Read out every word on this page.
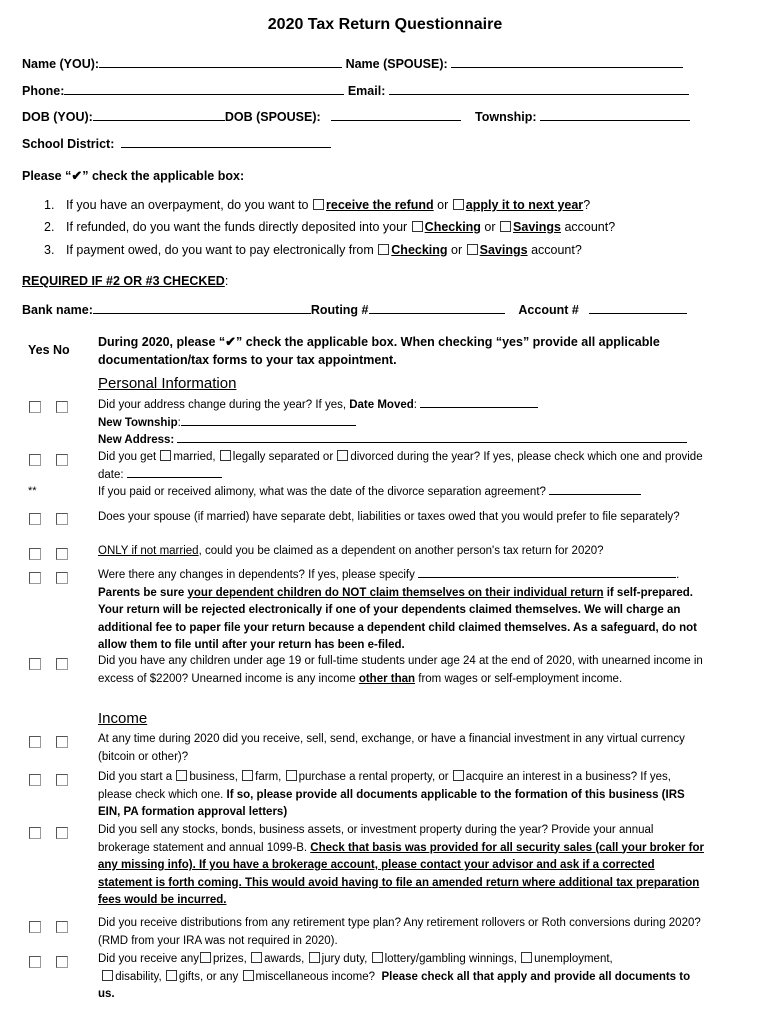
2020 Tax Return Questionnaire
Name (YOU):	Name (SPOUSE):
Phone:	Email:
DOB (YOU):	DOB (SPOUSE):	Township:
School District:
Please “✔” check the applicable box:
1. If you have an overpayment, do you want to receive the refund or apply it to next year?
2. If refunded, do you want the funds directly deposited into your Checking or Savings account?
3. If payment owed, do you want to pay electronically from Checking or Savings account?
REQUIRED IF #2 OR #3 CHECKED:
Bank name:	Routing #	Account #
Yes No
During 2020, please “✔” check the applicable box. When checking “yes” provide all applicable documentation/tax forms to your tax appointment.
Personal Information
Did your address change during the year? If yes, Date Moved:
New Township:
New Address:
Did you get married, legally separated or divorced during the year? If yes, please check which one and provide date:
**	If you paid or received alimony, what was the date of the divorce separation agreement?
Does your spouse (if married) have separate debt, liabilities or taxes owed that you would prefer to file separately?
ONLY if not married, could you be claimed as a dependent on another person's tax return for 2020?
Were there any changes in dependents? If yes, please specify	.
Parents be sure your dependent children do NOT claim themselves on their individual return if self-prepared. Your return will be rejected electronically if one of your dependents claimed themselves. We will charge an additional fee to paper file your return because a dependent child claimed themselves. As a safeguard, do not allow them to file until after your return has been e-filed.
Did you have any children under age 19 or full-time students under age 24 at the end of 2020, with unearned income in excess of $2200? Unearned income is any income other than from wages or self-employment income.
Income
At any time during 2020 did you receive, sell, send, exchange, or have a financial investment in any virtual currency (bitcoin or other)?
Did you start a business, farm, purchase a rental property, or acquire an interest in a business? If yes, please check which one. If so, please provide all documents applicable to the formation of this business (IRS EIN, PA formation approval letters)
Did you sell any stocks, bonds, business assets, or investment property during the year? Provide your annual brokerage statement and annual 1099-B. Check that basis was provided for all security sales (call your broker for any missing info). If you have a brokerage account, please contact your advisor and ask if a corrected statement is forth coming. This would avoid having to file an amended return where additional tax preparation fees would be incurred.
Did you receive distributions from any retirement type plan? Any retirement rollovers or Roth conversions during 2020? (RMD from your IRA was not required in 2020).
Did you receive any prizes, awards, jury duty, lottery/gambling winnings, unemployment,
disability, gifts, or any miscellaneous income? Please check all that apply and provide all documents to us.
